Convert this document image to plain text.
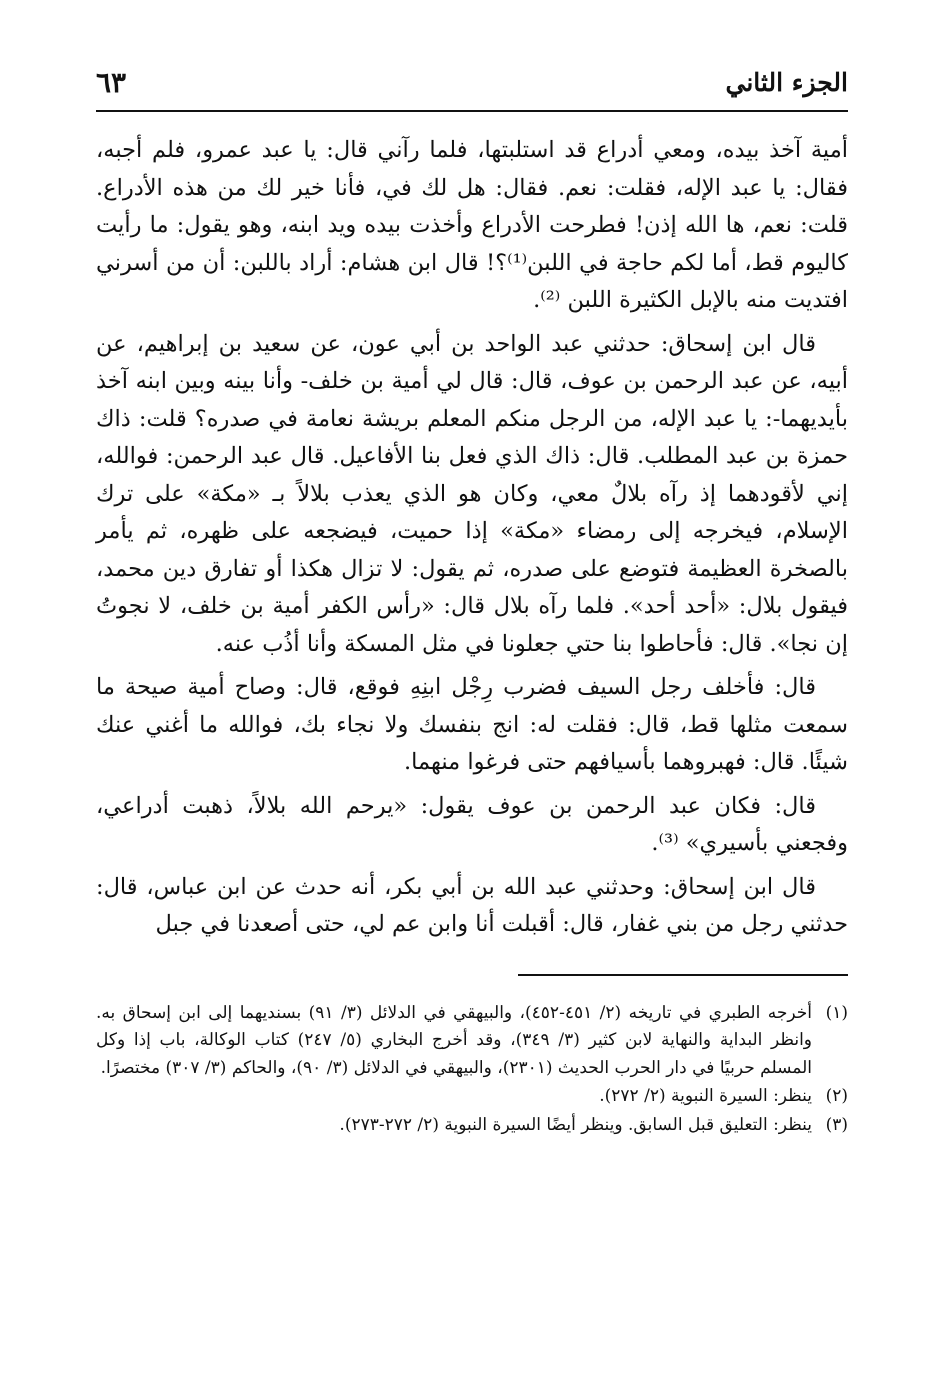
الجزء الثاني
٦٣

أمية آخذ بيده، ومعي أدراع قد استلبتها، فلما رآني قال: يا عبد عمرو، فلم أجبه، فقال: يا عبد الإله، فقلت: نعم. فقال: هل لك في، فأنا خير لك من هذه الأدراع. قلت: نعم، ها الله إذن! فطرحت الأدراع وأخذت بيده ويد ابنه، وهو يقول: ما رأيت كاليوم قط، أما لكم حاجة في اللبن⁽¹⁾؟! قال ابن هشام: أراد باللبن: أن من أسرني افتديت منه بالإبل الكثيرة اللبن ⁽²⁾.

قال ابن إسحاق: حدثني عبد الواحد بن أبي عون، عن سعيد بن إبراهيم، عن أبيه، عن عبد الرحمن بن عوف، قال: قال لي أمية بن خلف- وأنا بينه وبين ابنه آخذ بأيديهما-: يا عبد الإله، من الرجل منكم المعلم بريشة نعامة في صدره؟ قلت: ذاك حمزة بن عبد المطلب. قال: ذاك الذي فعل بنا الأفاعيل. قال عبد الرحمن: فوالله، إني لأقودهما إذ رآه بلالٌ معي، وكان هو الذي يعذب بلالاً بـ «مكة» على ترك الإسلام، فيخرجه إلى رمضاء «مكة» إذا حميت، فيضجعه على ظهره، ثم يأمر بالصخرة العظيمة فتوضع على صدره، ثم يقول: لا تزال هكذا أو تفارق دين محمد، فيقول بلال: «أحد أحد». فلما رآه بلال قال: «رأس الكفر أمية بن خلف، لا نجوتُ إن نجا». قال: فأحاطوا بنا حتي جعلونا في مثل المسكة وأنا أذُب عنه.

قال: فأخلف رجل السيف فضرب رِجْل ابنِهِ فوقع، قال: وصاح أمية صيحة ما سمعت مثلها قط، قال: فقلت له: انج بنفسك ولا نجاء بك، فوالله ما أغني عنك شيئًا. قال: فهبروهما بأسيافهم حتى فرغوا منهما.

قال: فكان عبد الرحمن بن عوف يقول: «يرحم الله بلالاً، ذهبت أدراعي، وفجعني بأسيري» ⁽³⁾.

قال ابن إسحاق: وحدثني عبد الله بن أبي بكر، أنه حدث عن ابن عباس، قال: حدثني رجل من بني غفار، قال: أقبلت أنا وابن عم لي، حتى أصعدنا في جبل

(١)
أخرجه الطبري في تاريخه (٢/ ٤٥١-٤٥٢)، والبيهقي في الدلائل (٣/ ٩١) بسنديهما إلى ابن إسحاق به. وانظر البداية والنهاية لابن كثير (٣/ ٣٤٩)، وقد أخرج البخاري (٥/ ٢٤٧) كتاب الوكالة، باب إذا وكل المسلم حربيًا في دار الحرب الحديث (٢٣٠١)، والبيهقي في الدلائل (٣/ ٩٠)، والحاكم (٣/ ٣٠٧) مختصرًا.
(٢)
ينظر: السيرة النبوية (٢/ ٢٧٢).
(٣)
ينظر: التعليق قبل السابق. وينظر أيضًا السيرة النبوية (٢/ ٢٧٢-٢٧٣).
